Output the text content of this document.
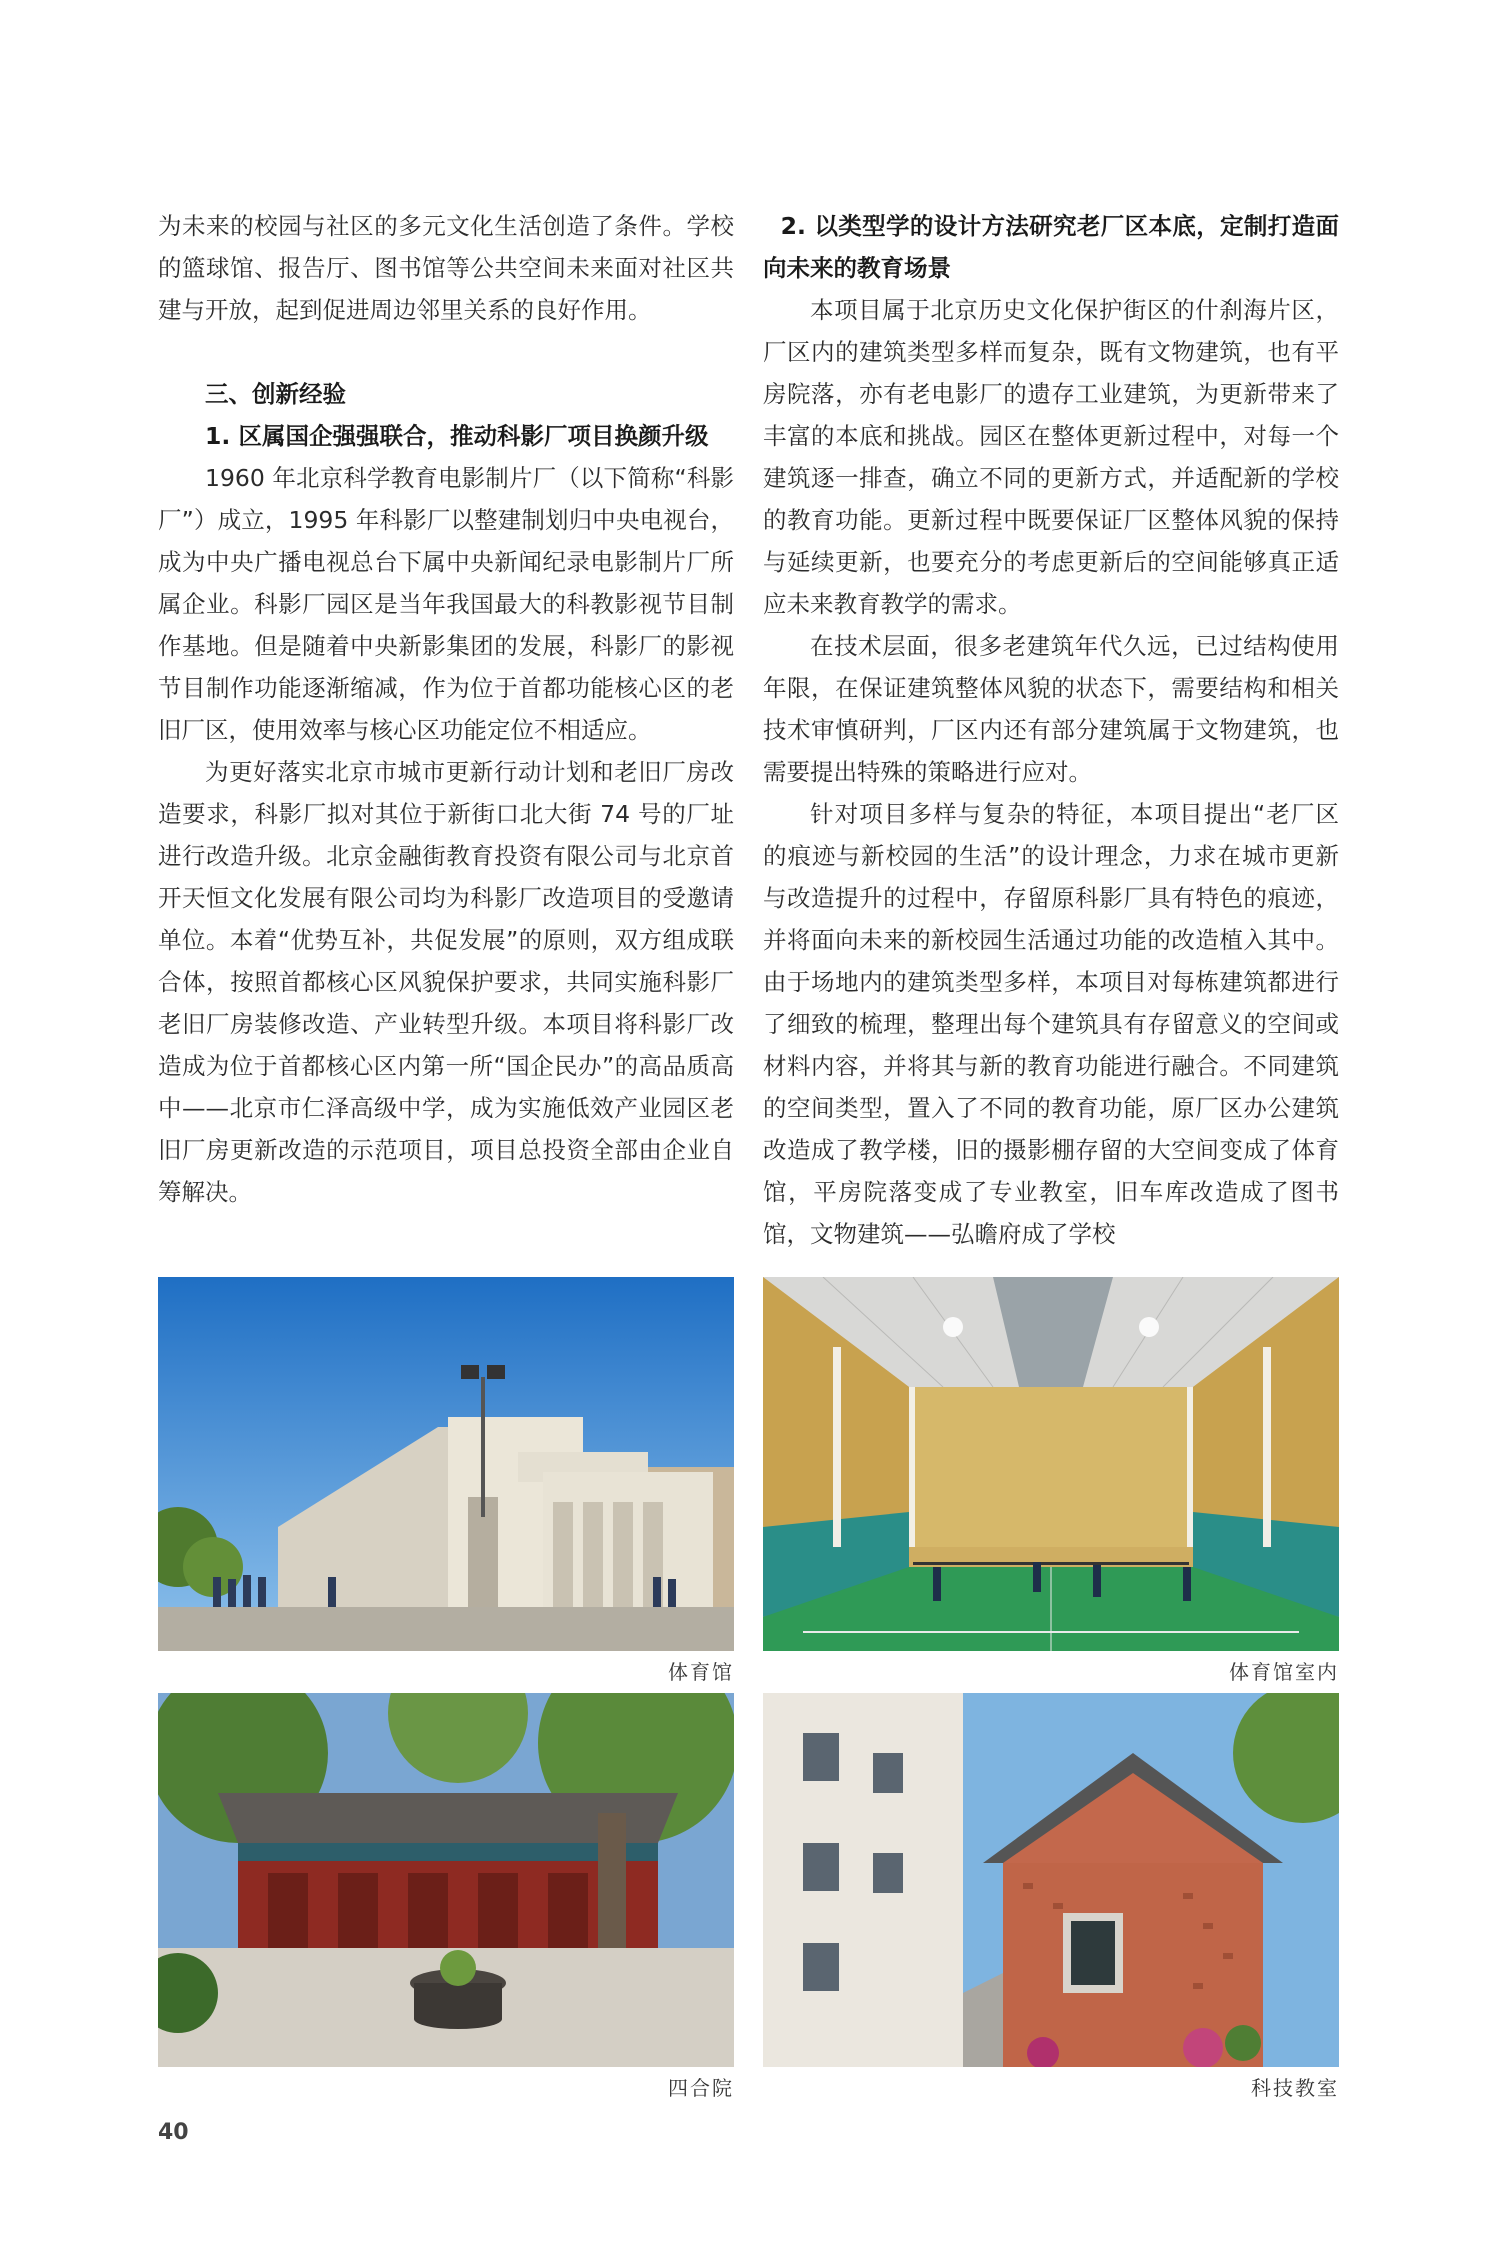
为未来的校园与社区的多元文化生活创造了条件。学校的篮球馆、报告厅、图书馆等公共空间未来面对社区共建与开放，起到促进周边邻里关系的良好作用。

三、创新经验

1. 区属国企强强联合，推动科影厂项目换颜升级

1960 年北京科学教育电影制片厂（以下简称“科影厂”）成立，1995 年科影厂以整建制划归中央电视台，成为中央广播电视总台下属中央新闻纪录电影制片厂所属企业。科影厂园区是当年我国最大的科教影视节目制作基地。但是随着中央新影集团的发展，科影厂的影视节目制作功能逐渐缩减，作为位于首都功能核心区的老旧厂区，使用效率与核心区功能定位不相适应。

为更好落实北京市城市更新行动计划和老旧厂房改造要求，科影厂拟对其位于新街口北大街 74 号的厂址进行改造升级。北京金融街教育投资有限公司与北京首开天恒文化发展有限公司均为科影厂改造项目的受邀请单位。本着“优势互补，共促发展”的原则，双方组成联合体，按照首都核心区风貌保护要求，共同实施科影厂老旧厂房装修改造、产业转型升级。本项目将科影厂改造成为位于首都核心区内第一所“国企民办”的高品质高中——北京市仁泽高级中学，成为实施低效产业园区老旧厂房更新改造的示范项目，项目总投资全部由企业自筹解决。

2. 以类型学的设计方法研究老厂区本底，定制打造面向未来的教育场景

本项目属于北京历史文化保护街区的什刹海片区，厂区内的建筑类型多样而复杂，既有文物建筑，也有平房院落，亦有老电影厂的遗存工业建筑，为更新带来了丰富的本底和挑战。园区在整体更新过程中，对每一个建筑逐一排查，确立不同的更新方式，并适配新的学校的教育功能。更新过程中既要保证厂区整体风貌的保持与延续更新，也要充分的考虑更新后的空间能够真正适应未来教育教学的需求。

在技术层面，很多老建筑年代久远，已过结构使用年限，在保证建筑整体风貌的状态下，需要结构和相关技术审慎研判，厂区内还有部分建筑属于文物建筑，也需要提出特殊的策略进行应对。

针对项目多样与复杂的特征，本项目提出“老厂区的痕迹与新校园的生活”的设计理念，力求在城市更新与改造提升的过程中，存留原科影厂具有特色的痕迹，并将面向未来的新校园生活通过功能的改造植入其中。由于场地内的建筑类型多样，本项目对每栋建筑都进行了细致的梳理，整理出每个建筑具有存留意义的空间或材料内容，并将其与新的教育功能进行融合。不同建筑的空间类型，置入了不同的教育功能，原厂区办公建筑改造成了教学楼，旧的摄影棚存留的大空间变成了体育馆，平房院落变成了专业教室，旧车库改造成了图书馆，文物建筑——弘曕府成了学校

体育馆	体育馆室内
四合院	科技教室
40
